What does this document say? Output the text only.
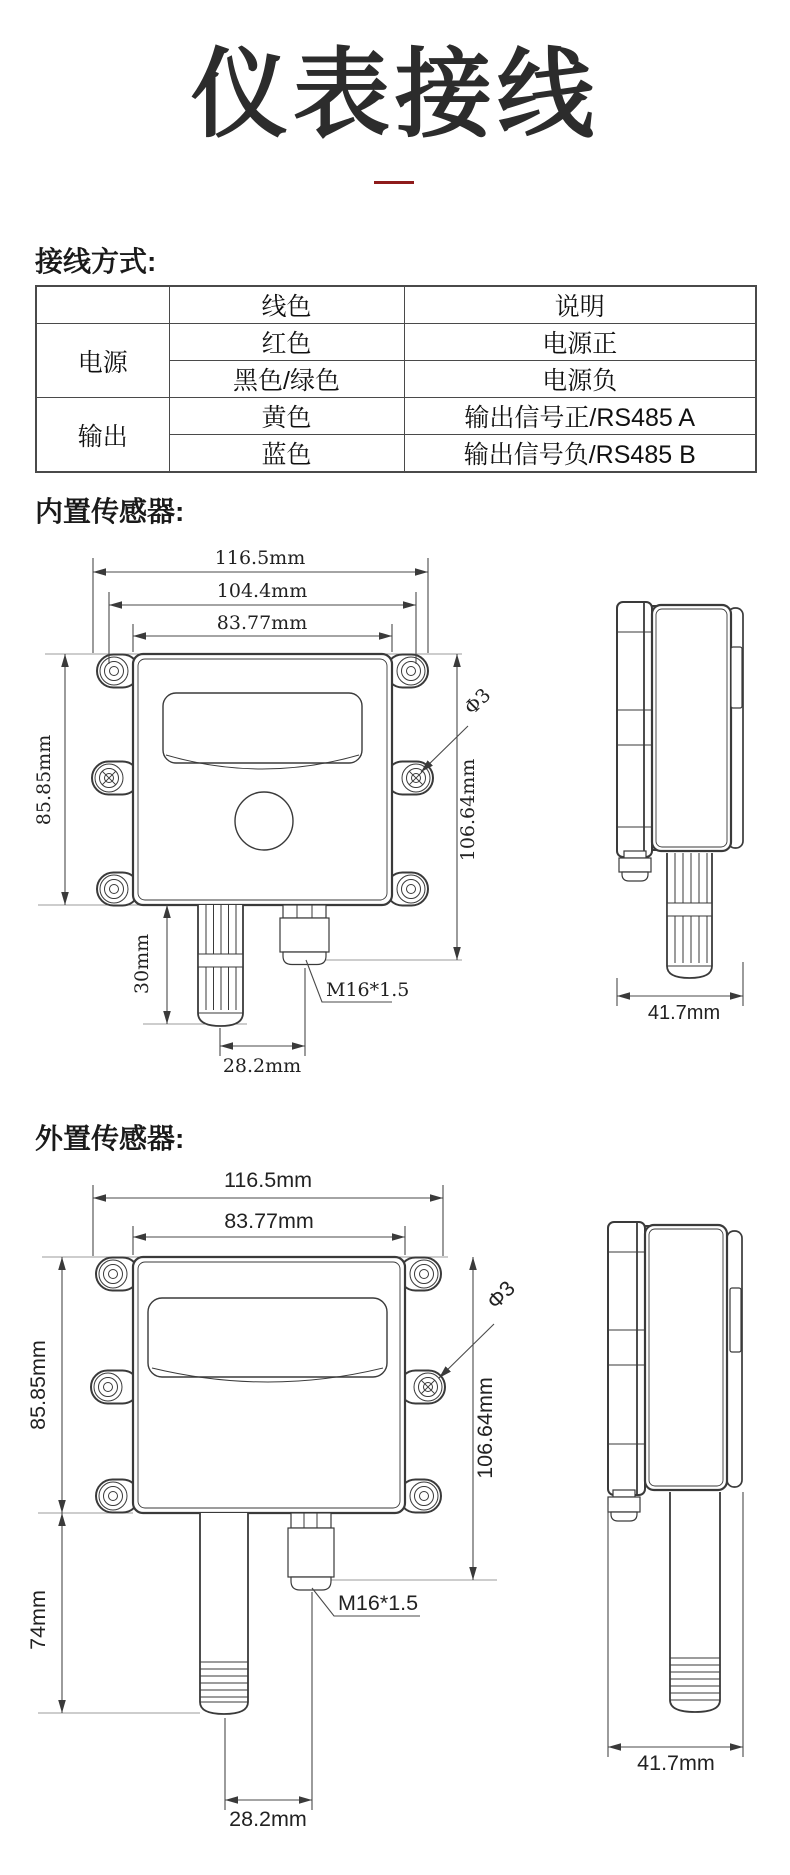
仪表接线
接线方式:
	线色	说明
电源	红色	电源正
	黑色/绿色	电源负
输出	黄色	输出信号正/RS485 A
	蓝色	输出信号负/RS485 B
内置传感器:
116.5mm
104.4mm
83.77mm
85.85mm	106.64mm
Φ3
30mm	M16*1.5
28.2mm
41.7mm
外置传感器:
116.5mm
83.77mm
85.85mm
74mm
106.64mm
Φ3
M16*1.5
28.2mm
41.7mm
